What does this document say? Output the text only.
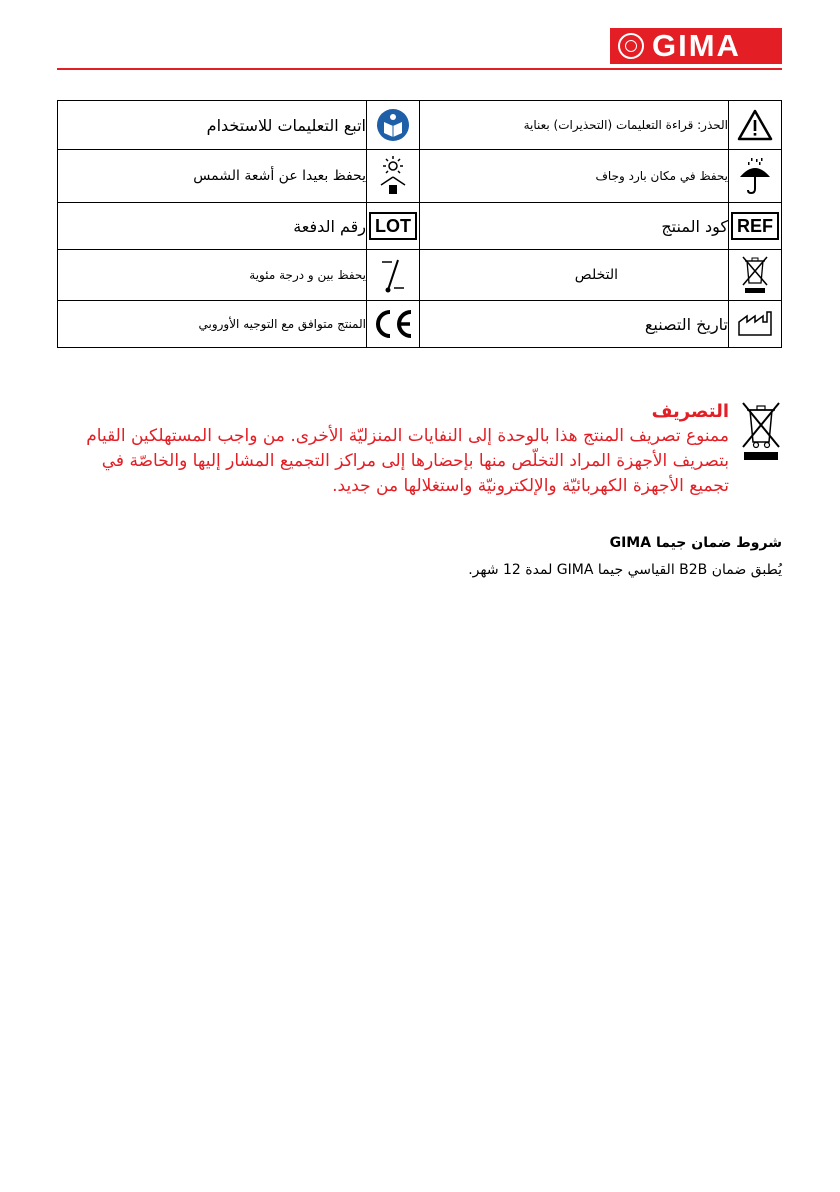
GIMA
اتبع التعليمات للاستخدام		الحذر: قراءة التعليمات (التحذيرات) بعناية	
يحفظ بعيدا عن أشعة الشمس		يحفظ في مكان بارد وجاف	
رقم الدفعة	LOT	كود المنتج	REF
يحفظ بين و درجة مئوية		التخلص	
المنتج متوافق مع التوجيه الأوروبي		تاريخ التصنيع	
التصريف

ممنوع تصريف المنتج هذا بالوحدة إلى النفايات المنزليّة الأخرى. من واجب المستهلكين القيام بتصريف الأجهزة المراد التخلّص منها بإحضارها إلى مراكز التجميع المشار إليها والخاصّة في تجميع الأجهزة الكهربائيّة والإلكترونيّة واستغلالها من جديد.

شروط ضمان جيما GIMA
يُطبق ضمان B2B القياسي جيما GIMA لمدة 12 شهر.
